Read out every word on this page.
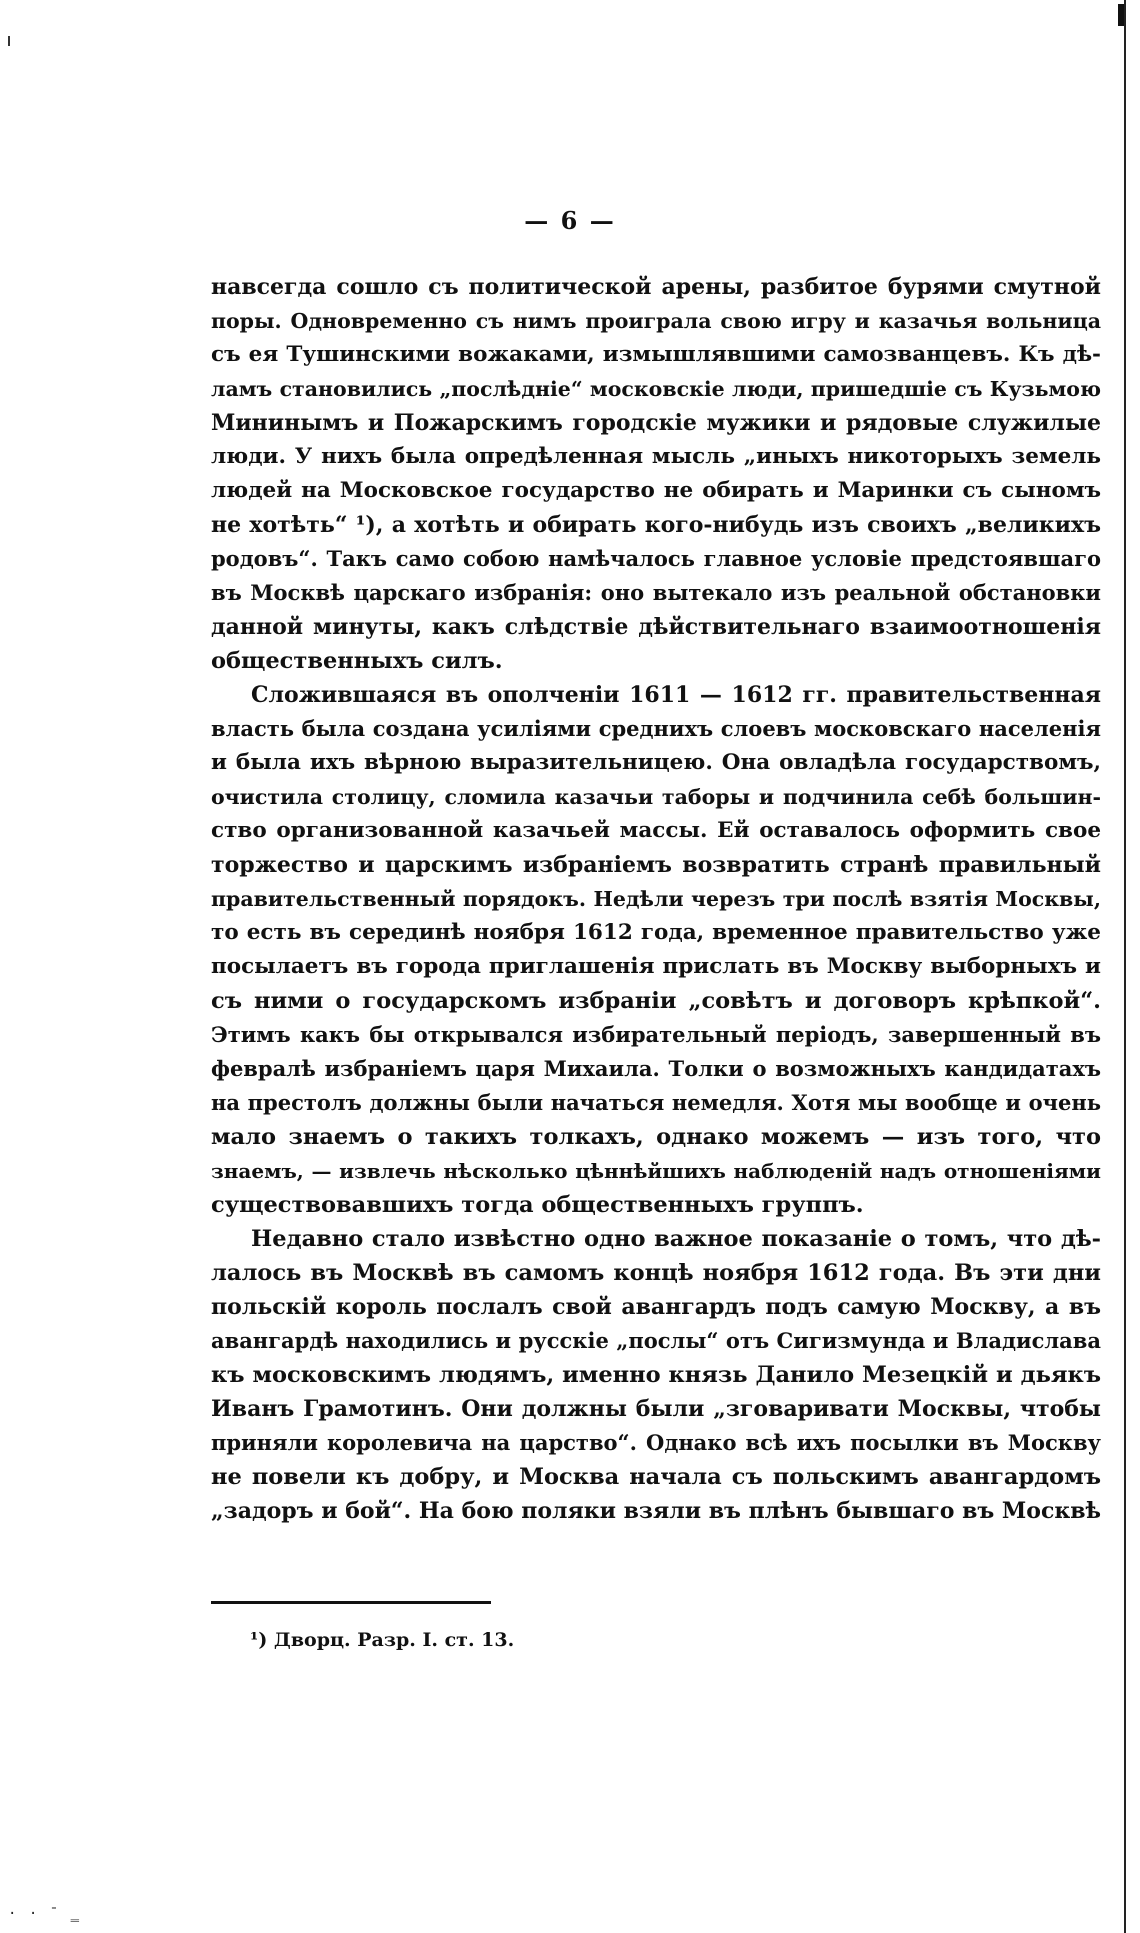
— 6 —
навсегда сошло съ политической арены, разбитое бурями смутной
поры. Одновременно съ нимъ проиграла свою игру и казачья вольница
съ ея Тушинскими вожаками, измышлявшими самозванцевъ. Къ дѣ-
ламъ становились „послѣдніе“ московскіе люди, пришедшіе съ Кузьмою
Мининымъ и Пожарскимъ городскіе мужики и рядовые служилые
люди. У нихъ была опредѣленная мысль „иныхъ никоторыхъ земель
людей на Московское государство не обирать и Маринки съ сыномъ
не хотѣть“ ¹), а хотѣть и обирать кого-нибудь изъ своихъ „великихъ
родовъ“. Такъ само собою намѣчалось главное условіе предстоявшаго
въ Москвѣ царскаго избранія: оно вытекало изъ реальной обстановки
данной минуты, какъ слѣдствіе дѣйствительнаго взаимоотношенія
общественныхъ силъ.
Сложившаяся въ ополченіи 1611 — 1612 гг. правительственная
власть была создана усиліями среднихъ слоевъ московскаго населенія
и была ихъ вѣрною выразительницею. Она овладѣла государствомъ,
очистила столицу, сломила казачьи таборы и подчинила себѣ большин-
ство организованной казачьей массы. Ей оставалось оформить свое
торжество и царскимъ избраніемъ возвратить странѣ правильный
правительственный порядокъ. Недѣли черезъ три послѣ взятія Москвы,
то есть въ серединѣ ноября 1612 года, временное правительство уже
посылаетъ въ города приглашенія прислать въ Москву выборныхъ и
съ ними о государскомъ избраніи „совѣтъ и договоръ крѣпкой“.
Этимъ какъ бы открывался избирательный періодъ, завершенный въ
февралѣ избраніемъ царя Михаила. Толки о возможныхъ кандидатахъ
на престолъ должны были начаться немедля. Хотя мы вообще и очень
мало знаемъ о такихъ толкахъ, однако можемъ — изъ того, что
знаемъ, — извлечь нѣсколько цѣннѣйшихъ наблюденій надъ отношеніями
существовавшихъ тогда общественныхъ группъ.
Недавно стало извѣстно одно важное показаніе о томъ, что дѣ-
лалось въ Москвѣ въ самомъ концѣ ноября 1612 года. Въ эти дни
польскій король послалъ свой авангардъ подъ самую Москву, а въ
авангардѣ находились и русскіе „послы“ отъ Сигизмунда и Владислава
къ московскимъ людямъ, именно князь Данило Мезецкій и дьякъ
Иванъ Грамотинъ. Они должны были „зговаривати Москвы, чтобы
приняли королевича на царство“. Однако всѣ ихъ посылки въ Москву
не повели къ добру, и Москва начала съ польскимъ авангардомъ
„задоръ и бой“. На бою поляки взяли въ плѣнъ бывшаго въ Москвѣ
¹) Дворц. Разр. I. ст. 13.
· · ˉ ‗
